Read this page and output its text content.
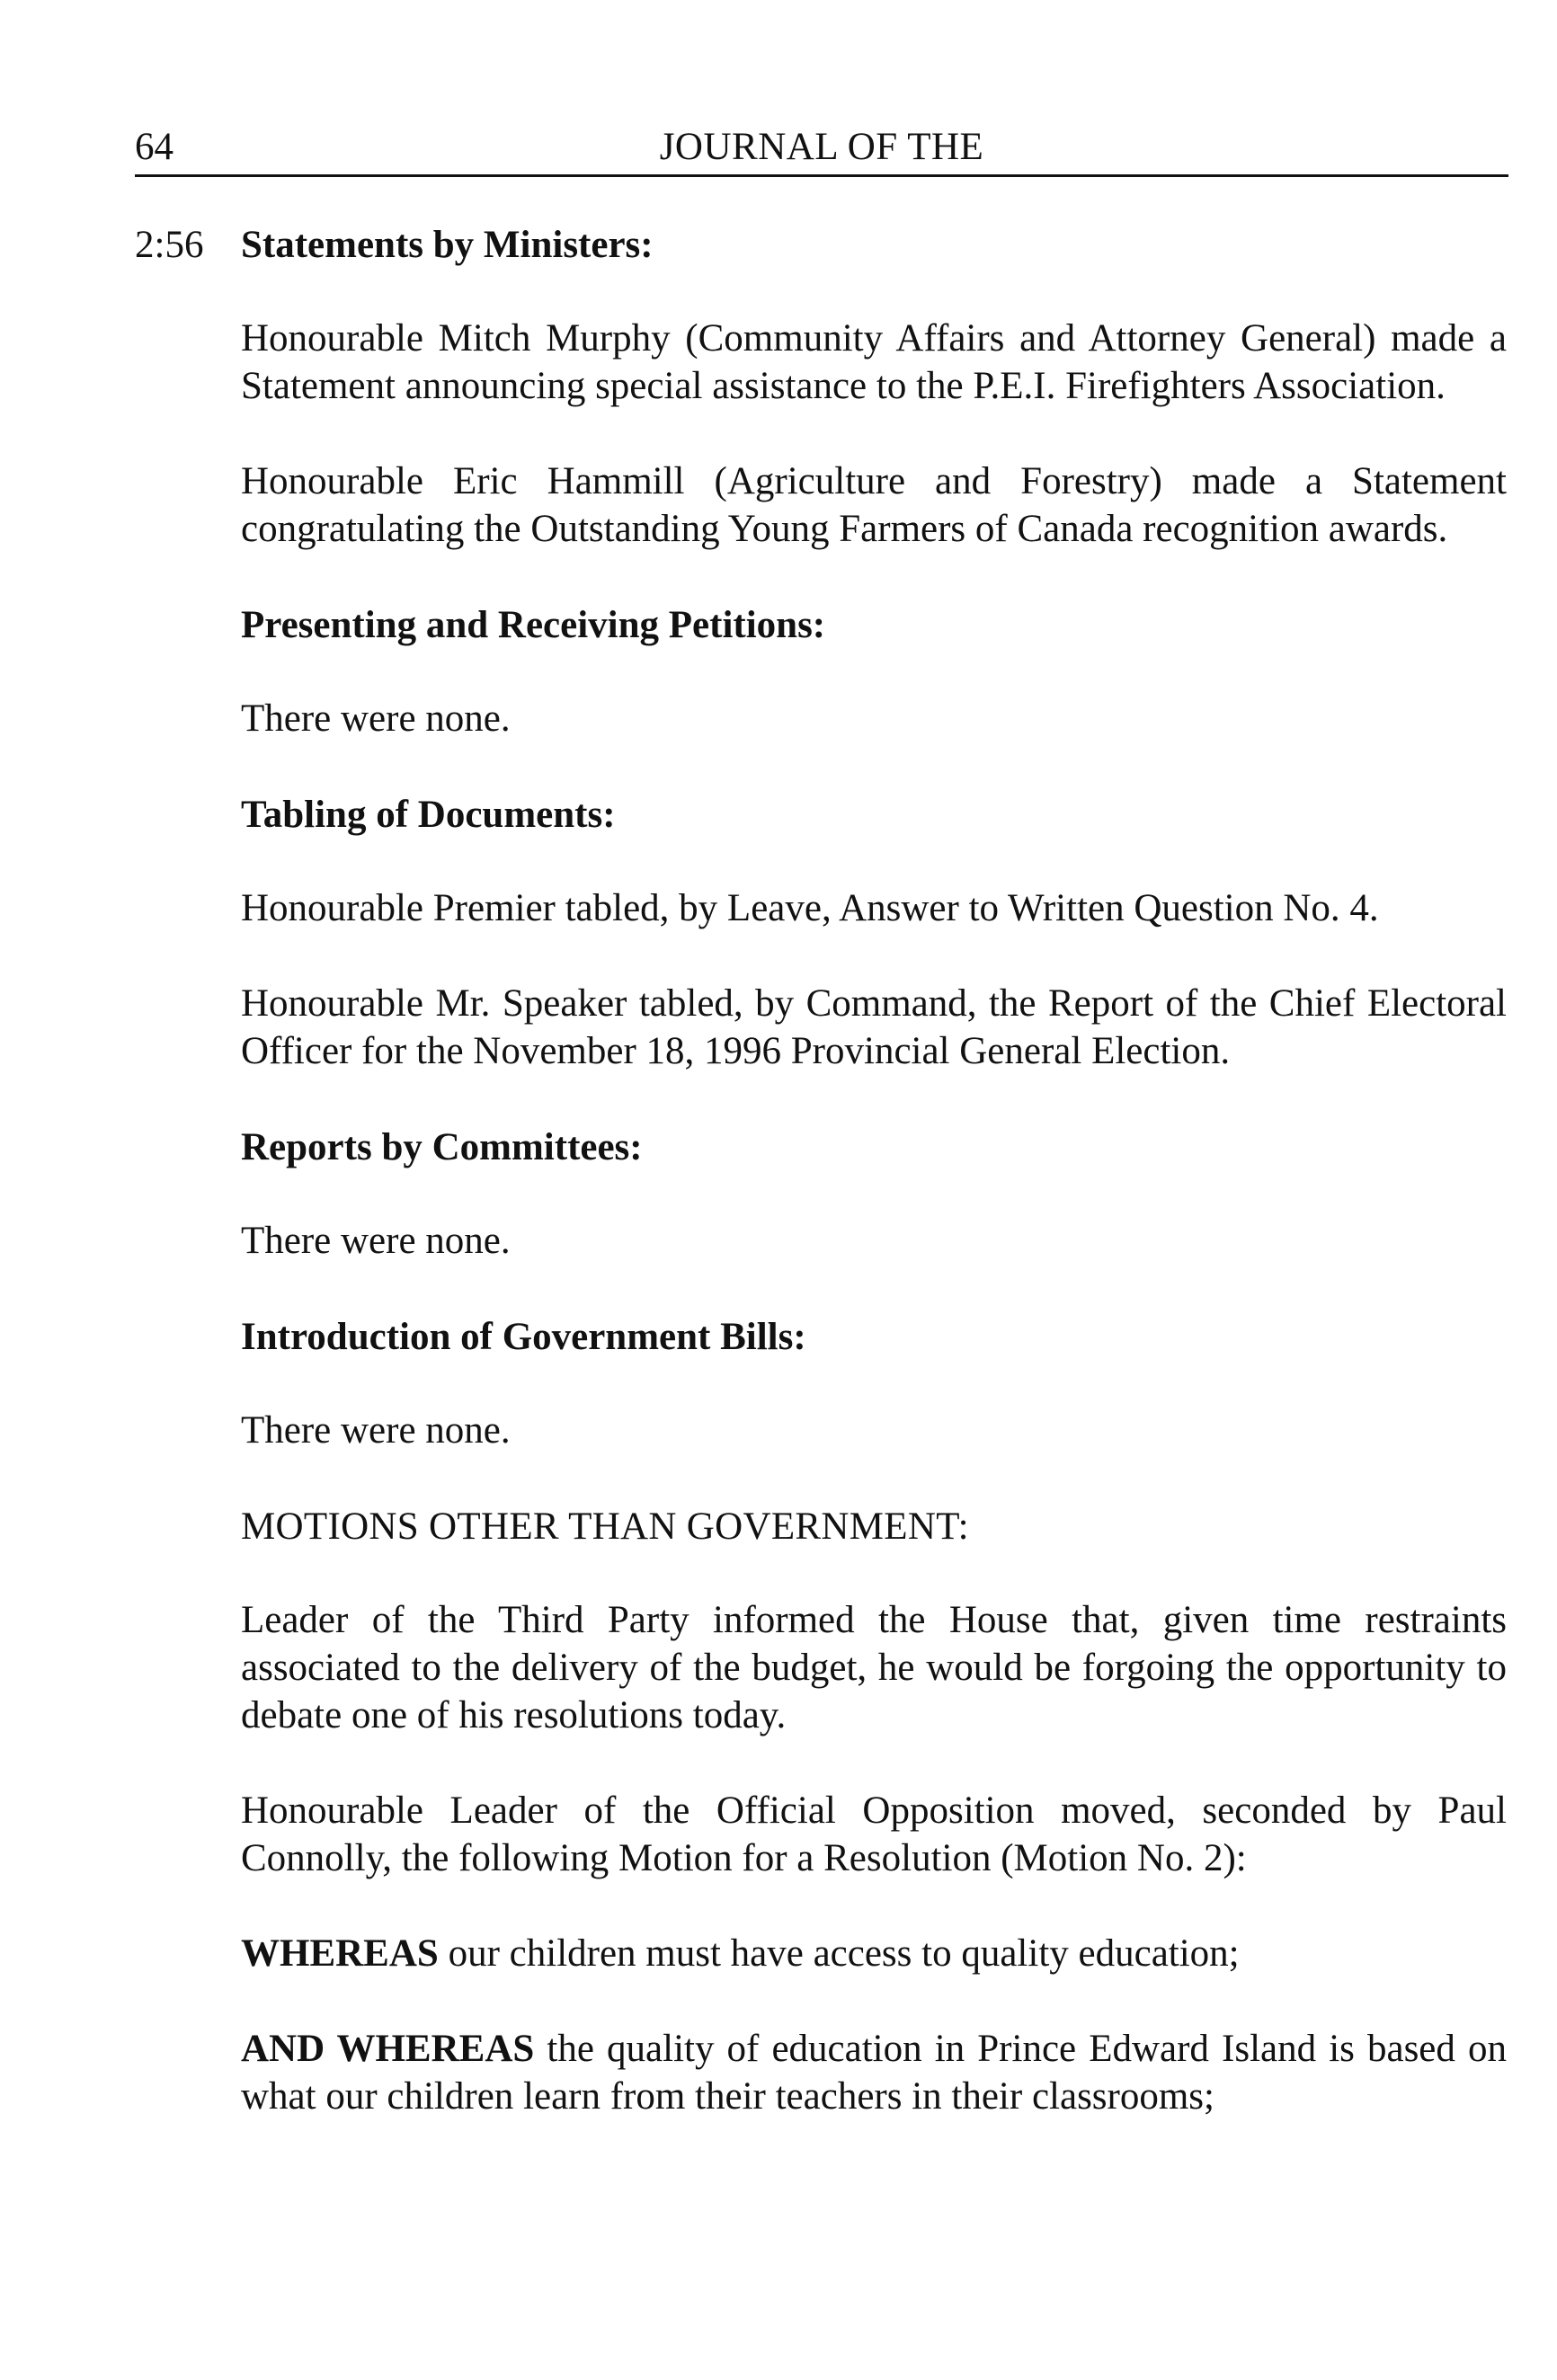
64	JOURNAL OF THE
2:56 Statements by Ministers:

Honourable Mitch Murphy (Community Affairs and Attorney General) made a Statement announcing special assistance to the P.E.I. Firefighters Association.

Honourable Eric Hammill (Agriculture and Forestry) made a Statement congratulating the Outstanding Young Farmers of Canada recognition awards.

Presenting and Receiving Petitions:

There were none.

Tabling of Documents:

Honourable Premier tabled, by Leave, Answer to Written Question No. 4.

Honourable Mr. Speaker tabled, by Command, the Report of the Chief Electoral Officer for the November 18, 1996 Provincial General Election.

Reports by Committees:

There were none.

Introduction of Government Bills:

There were none.

MOTIONS OTHER THAN GOVERNMENT:

Leader of the Third Party informed the House that, given time restraints associated to the delivery of the budget, he would be forgoing the opportunity to debate one of his resolutions today.

Honourable Leader of the Official Opposition moved, seconded by Paul Connolly, the following Motion for a Resolution (Motion No. 2):

WHEREAS our children must have access to quality education;

AND WHEREAS the quality of education in Prince Edward Island is based on what our children learn from their teachers in their classrooms;
